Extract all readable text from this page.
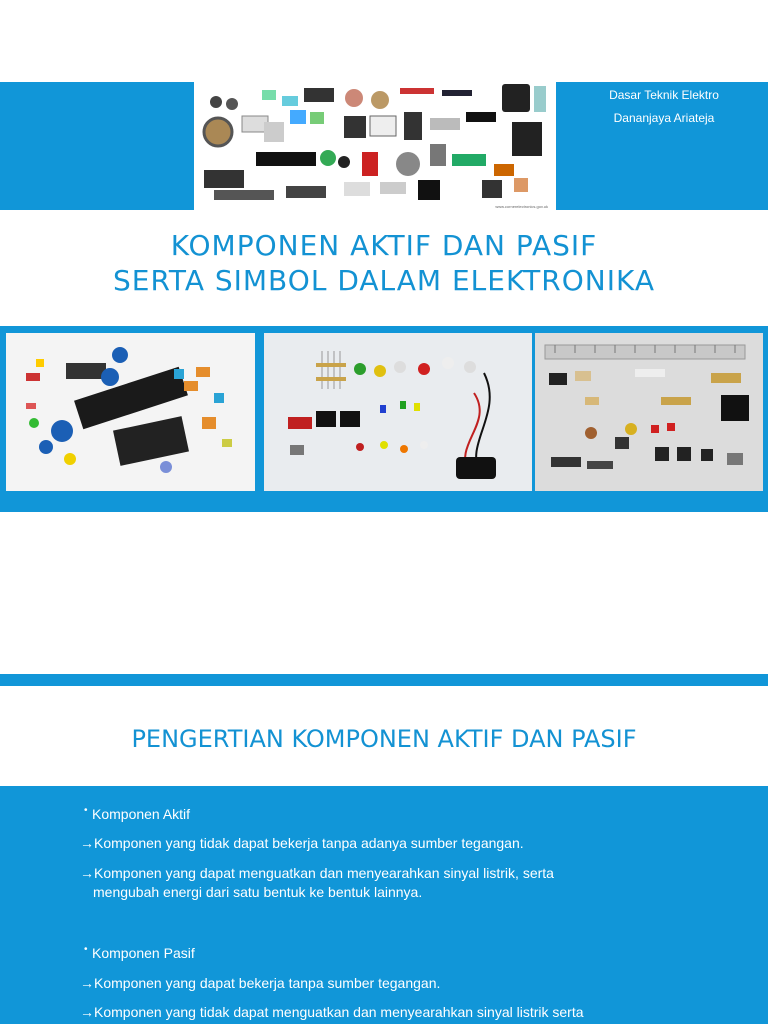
www.cornerelectronics.gov.uk
Dasar Teknik Elektro
Dananjaya Ariateja
KOMPONEN AKTIF DAN PASIF
SERTA SIMBOL DALAM ELEKTRONIKA
PENGERTIAN KOMPONEN AKTIF DAN PASIF
• Komponen Aktif
→Komponen yang tidak dapat bekerja tanpa adanya sumber tegangan.
→Komponen yang dapat menguatkan dan menyearahkan sinyal listrik, serta
mengubah energi dari satu bentuk ke bentuk lainnya.
• Komponen Pasif
→Komponen yang dapat bekerja tanpa sumber tegangan.
→Komponen yang tidak dapat menguatkan dan menyearahkan sinyal listrik serta
